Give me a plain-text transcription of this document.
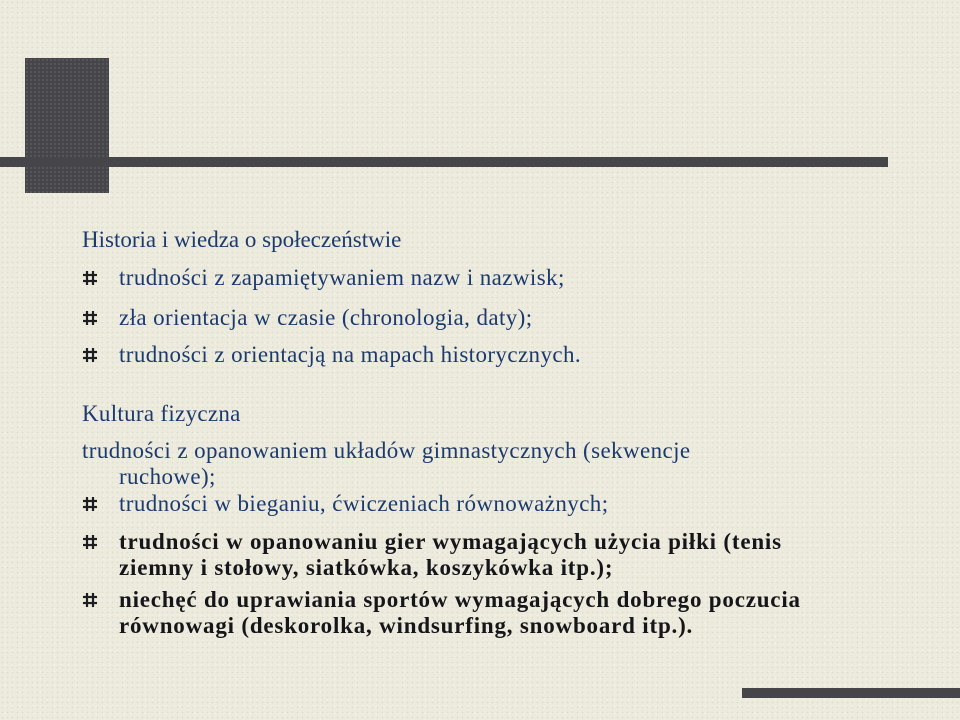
Historia i wiedza o społeczeństwie

trudności z zapamiętywaniem nazw i nazwisk;

zła orientacja w czasie (chronologia, daty);

trudności z orientacją na mapach historycznych.

Kultura fizyczna

trudności z opanowaniem układów gimnastycznych (sekwencje
ruchowe);

trudności w bieganiu, ćwiczeniach równoważnych;

trudności w opanowaniu gier wymagających użycia piłki (tenis
ziemny i stołowy, siatkówka, koszykówka itp.);

niechęć do uprawiania sportów wymagających dobrego poczucia
równowagi (deskorolka, windsurfing, snowboard itp.).
